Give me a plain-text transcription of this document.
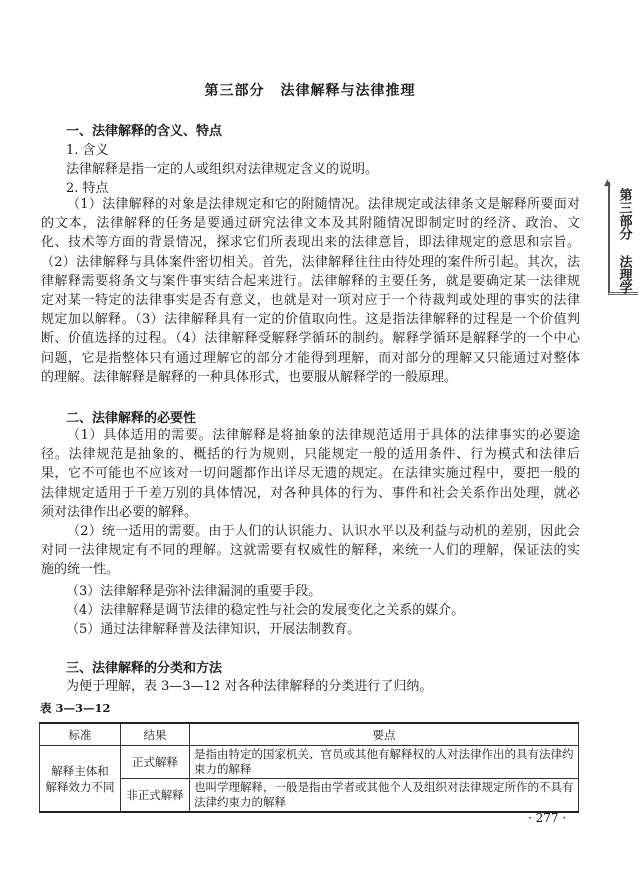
第三部分 法律解释与法律推理
▲
第三部分
法理学
一、法律解释的含义、特点
1. 含义
法律解释是指一定的人或组织对法律规定含义的说明。
2. 特点
（1）法律解释的对象是法律规定和它的附随情况。法律规定或法律条文是解释所要面对
的文本，法律解释的任务是要通过研究法律文本及其附随情况即制定时的经济、政治、文
化、技术等方面的背景情况，探求它们所表现出来的法律意旨，即法律规定的意思和宗旨。
（2）法律解释与具体案件密切相关。首先，法律解释往往由待处理的案件所引起。其次，法
律解释需要将条文与案件事实结合起来进行。法律解释的主要任务，就是要确定某一法律规
定对某一特定的法律事实是否有意义，也就是对一项对应于一个待裁判或处理的事实的法律
规定加以解释。（3）法律解释具有一定的价值取向性。这是指法律解释的过程是一个价值判
断、价值选择的过程。（4）法律解释受解释学循环的制约。解释学循环是解释学的一个中心
问题，它是指整体只有通过理解它的部分才能得到理解，而对部分的理解又只能通过对整体
的理解。法律解释是解释的一种具体形式，也要服从解释学的一般原理。
二、法律解释的必要性
（1）具体适用的需要。法律解释是将抽象的法律规范适用于具体的法律事实的必要途
径。法律规范是抽象的、概括的行为规则，只能规定一般的适用条件、行为模式和法律后
果，它不可能也不应该对一切问题都作出详尽无遗的规定。在法律实施过程中，要把一般的
法律规定适用于千差万别的具体情况，对各种具体的行为、事件和社会关系作出处理，就必
须对法律作出必要的解释。
（2）统一适用的需要。由于人们的认识能力、认识水平以及利益与动机的差别，因此会
对同一法律规定有不同的理解。这就需要有权威性的解释，来统一人们的理解，保证法的实
施的统一性。
（3）法律解释是弥补法律漏洞的重要手段。
（4）法律解释是调节法律的稳定性与社会的发展变化之关系的媒介。
（5）通过法律解释普及法律知识，开展法制教育。
三、法律解释的分类和方法
为便于理解，表 3—3—12 对各种法律解释的分类进行了归纳。
表 3—3—12
标准	结果	要点

解释主体和
解释效力不同	正式解释	是指由特定的国家机关、官员或其他有解释权的人对法律作出的具有法律约束力的解释
	非正式解释	也叫学理解释，一般是指由学者或其他个人及组织对法律规定所作的不具有法律约束力的解释
· 277 ·
